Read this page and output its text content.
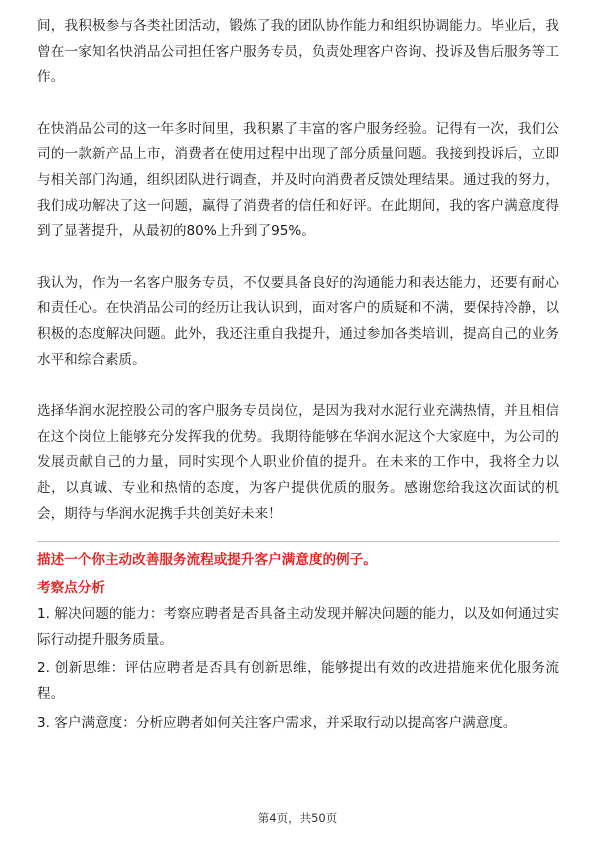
间，我积极参与各类社团活动，锻炼了我的团队协作能力和组织协调能力。毕业后，我曾在一家知名快消品公司担任客户服务专员，负责处理客户咨询、投诉及售后服务等工作。

在快消品公司的这一年多时间里，我积累了丰富的客户服务经验。记得有一次，我们公司的一款新产品上市，消费者在使用过程中出现了部分质量问题。我接到投诉后，立即与相关部门沟通，组织团队进行调查，并及时向消费者反馈处理结果。通过我的努力，我们成功解决了这一问题，赢得了消费者的信任和好评。在此期间，我的客户满意度得到了显著提升，从最初的80%上升到了95%。

我认为，作为一名客户服务专员，不仅要具备良好的沟通能力和表达能力，还要有耐心和责任心。在快消品公司的经历让我认识到，面对客户的质疑和不满，要保持冷静，以积极的态度解决问题。此外，我还注重自我提升，通过参加各类培训，提高自己的业务水平和综合素质。

选择华润水泥控股公司的客户服务专员岗位，是因为我对水泥行业充满热情，并且相信在这个岗位上能够充分发挥我的优势。我期待能够在华润水泥这个大家庭中，为公司的发展贡献自己的力量，同时实现个人职业价值的提升。在未来的工作中，我将全力以赴，以真诚、专业和热情的态度，为客户提供优质的服务。感谢您给我这次面试的机会，期待与华润水泥携手共创美好未来！

描述一个你主动改善服务流程或提升客户满意度的例子。

考察点分析

1. 解决问题的能力：考察应聘者是否具备主动发现并解决问题的能力，以及如何通过实际行动提升服务质量。

2. 创新思维：评估应聘者是否具有创新思维，能够提出有效的改进措施来优化服务流程。

3. 客户满意度：分析应聘者如何关注客户需求，并采取行动以提高客户满意度。

第4页，共50页
